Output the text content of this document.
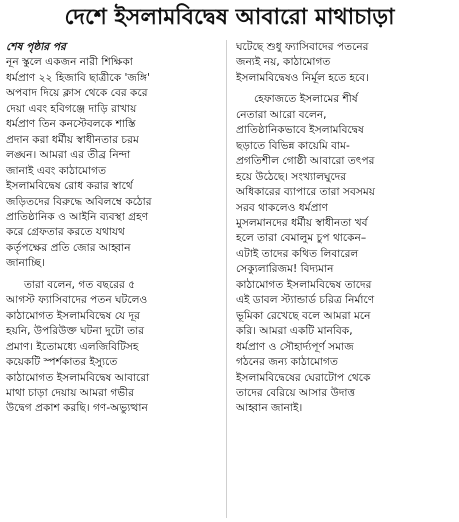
দেশে ইসলামবিদ্বেষ আবারো মাথাচাড়া
শেষ পৃষ্ঠার পর
নূন স্কুলে একজন নারী শিক্ষিকা
ধর্মপ্রাণ ২২ হিজাবি ছাত্রীকে 'জঙ্গি'
অপবাদ দিয়ে ক্লাস থেকে বের করে
দেয়া এবং হবিগঞ্জে দাড়ি রাখায়
ধর্মপ্রাণ তিন কনস্টেবলকে শাস্তি
প্রদান করা ধর্মীয় স্বাধীনতার চরম
লঙ্ঘন। আমরা এর তীব্র নিন্দা
জানাই এবং কাঠামোগত
ইসলামবিদ্বেষ রোধ করার স্বার্থে
জড়িতদের বিরুদ্ধে অবিলম্বে কঠোর
প্রাতিষ্ঠানিক ও আইনি ব্যবস্থা গ্রহণ
করে গ্রেফতার করতে যথাযথ
কর্তৃপক্ষের প্রতি জোর আহ্বান
জানাচ্ছি।
তারা বলেন, গত বছরের ৫
আগস্ট ফ্যাসিবাদের পতন ঘটলেও
কাঠামোগত ইসলামবিদ্বেষ যে দূর
হয়নি, উপরিউক্ত ঘটনা দুটো তার
প্রমাণ। ইতোমধ্যে এলজিবিটিসহ
কয়েকটি স্পর্শকাতর ইস্যুতে
কাঠামোগত ইসলামবিদ্বেষ আবারো
মাথা চাড়া দেয়ায় আমরা গভীর
উদ্বেগ প্রকাশ করছি। গণ-অভ্যুত্থান
ঘটেছে শুধু ফ্যাসিবাদের পতনের
জন্যই নয়, কাঠামোগত
ইসলামবিদ্বেষও নির্মূল হতে হবে।
হেফাজতে ইসলামের শীর্ষ
নেতারা আরো বলেন,
প্রাতিষ্ঠানিকভাবে ইসলামবিদ্বেষ
ছড়াতে বিভিন্ন কায়েমি বাম-
প্রগতিশীল গোষ্ঠী আবারো তৎপর
হয়ে উঠেছে। সংখ্যালঘুদের
অধিকারের ব্যাপারে তারা সবসময়
সরব থাকলেও ধর্মপ্রাণ
মুসলমানদের ধর্মীয় স্বাধীনতা খর্ব
হলে তারা বেমালুম চুপ থাকেন–
এটাই তাদের কথিত লিবারেল
সেক্যুলারিজম! বিদ্যমান
কাঠামোগত ইসলামবিদ্বেষ তাদের
এই ডাবল স্ট্যান্ডার্ড চরিত্র নির্মাণে
ভূমিকা রেখেছে বলে আমরা মনে
করি। আমরা একটি মানবিক,
ধর্মপ্রাণ ও সৌহার্দ্যপূর্ণ সমাজ
গঠনের জন্য কাঠামোগত
ইসলামবিদ্বেষের ঘেরাটোপ থেকে
তাদের বেরিয়ে আসার উদাত্ত
আহ্বান জানাই।
